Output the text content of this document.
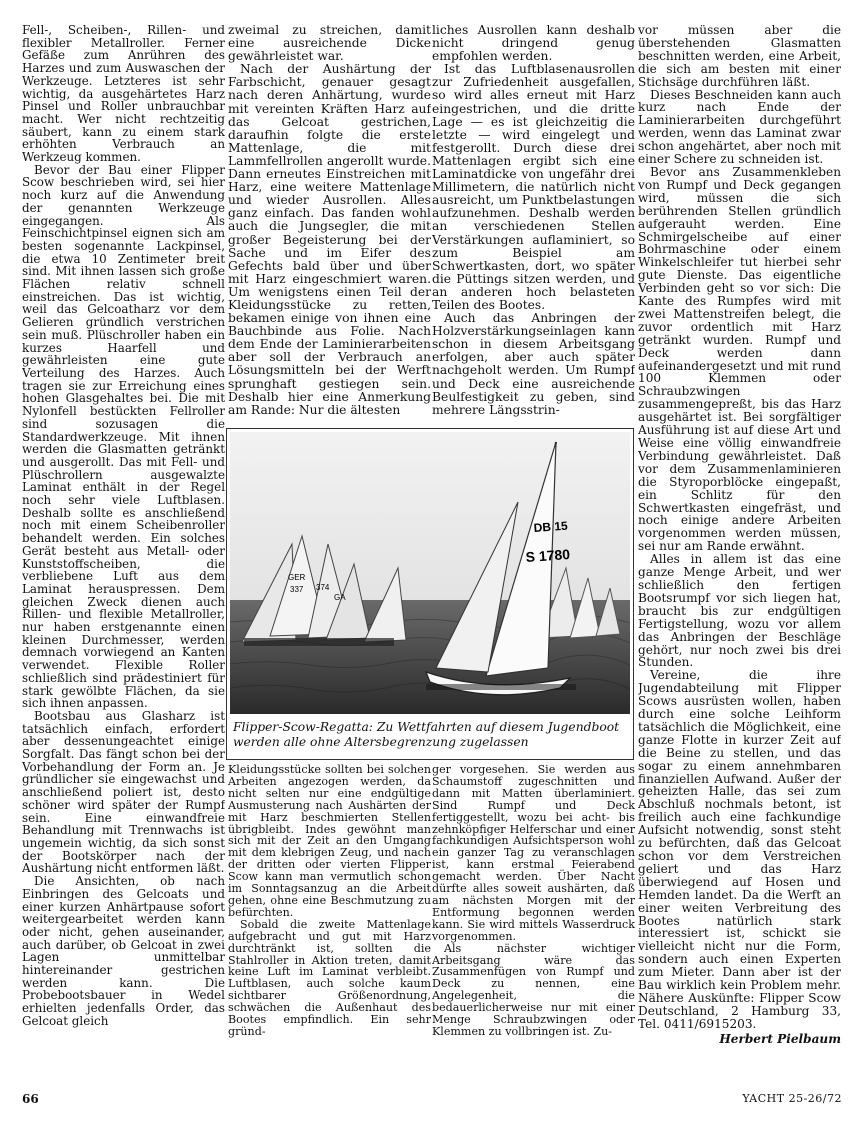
Fell-, Scheiben-, Rillen- und flexibler Metallroller. Ferner Gefäße zum Anrühren des Harzes und zum Auswaschen der Werkzeuge. Letzteres ist sehr wichtig, da ausgehärtetes Harz Pinsel und Roller unbrauchbar macht. Wer nicht rechtzeitig säubert, kann zu einem stark erhöhten Verbrauch an Werkzeug kommen.

Bevor der Bau einer Flipper Scow beschrieben wird, sei hier noch kurz auf die Anwendung der genannten Werkzeuge eingegangen. Als Feinschichtpinsel eignen sich am besten sogenannte Lackpinsel, die etwa 10 Zentimeter breit sind. Mit ihnen lassen sich große Flächen relativ schnell einstreichen. Das ist wichtig, weil das Gelcoatharz vor dem Gelieren gründlich verstrichen sein muß. Plüschroller haben ein kurzes Haarfell und gewährleisten eine gute Verteilung des Harzes. Auch tragen sie zur Erreichung eines hohen Glasgehaltes bei. Die mit Nylonfell bestückten Fellroller sind sozusagen die Standardwerkzeuge. Mit ihnen werden die Glasmatten getränkt und ausgerollt. Das mit Fell- und Plüschrollern ausgewalzte Laminat enthält in der Regel noch sehr viele Luftblasen. Deshalb sollte es anschließend noch mit einem Scheibenroller behandelt werden. Ein solches Gerät besteht aus Metall- oder Kunststoffscheiben, die verbliebene Luft aus dem Laminat herauspressen. Dem gleichen Zweck dienen auch Rillen- und flexible Metallroller, nur haben erstgenannte einen kleinen Durchmesser, werden demnach vorwiegend an Kanten verwendet. Flexible Roller schließlich sind prädestiniert für stark gewölbte Flächen, da sie sich ihnen anpassen.

Bootsbau aus Glasharz ist tatsächlich einfach, erfordert aber dessenungeachtet einige Sorgfalt. Das fängt schon bei der Vorbehandlung der Form an. Je gründlicher sie eingewachst und anschließend poliert ist, desto schöner wird später der Rumpf sein. Eine einwandfreie Behandlung mit Trennwachs ist ungemein wichtig, da sich sonst der Bootskörper nach der Aushärtung nicht entformen läßt.

Die Ansichten, ob nach Einbringen des Gelcoats und einer kurzen Anhärtpause sofort weitergearbeitet werden kann oder nicht, gehen auseinander, auch darüber, ob Gelcoat in zwei Lagen unmittelbar hintereinander gestrichen werden kann. Die Probebootsbauer in Wedel erhielten jedenfalls Order, das Gelcoat gleich

zweimal zu streichen, damit eine ausreichende Dicke gewährleistet war.

Nach der Aushärtung der Farbschicht, genauer gesagt nach deren Anhärtung, wurde mit vereinten Kräften Harz auf das Gelcoat gestrichen, daraufhin folgte die erste Mattenlage, die mit Lammfellrollen angerollt wurde. Dann erneutes Einstreichen mit Harz, eine weitere Mattenlage und wieder Ausrollen. Alles ganz einfach. Das fanden wohl auch die Jungsegler, die mit großer Begeisterung bei der Sache und im Eifer des Gefechts bald über und über mit Harz eingeschmiert waren. Um wenigstens einen Teil der Kleidungsstücke zu retten, bekamen einige von ihnen eine Bauchbinde aus Folie. Nach dem Ende der Laminierarbeiten aber soll der Verbrauch an Lösungsmitteln bei der Werft sprunghaft gestiegen sein. Deshalb hier eine Anmerkung am Rande: Nur die ältesten

liches Ausrollen kann deshalb nicht dringend genug empfohlen werden.

Ist das Luftblasenausrollen zur Zufriedenheit ausgefallen, so wird alles erneut mit Harz eingestrichen, und die dritte Lage — es ist gleichzeitig die letzte — wird eingelegt und festgerollt. Durch diese drei Mattenlagen ergibt sich eine Laminatdicke von ungefähr drei Millimetern, die natürlich nicht ausreicht, um Punktbelastungen aufzunehmen. Deshalb werden an verschiedenen Stellen Verstärkungen auflaminiert, so zum Beispiel am Schwertkasten, dort, wo später die Püttings sitzen werden, und an anderen hoch belasteten Teilen des Bootes.

Auch das Anbringen der Holzverstärkungseinlagen kann schon in diesem Arbeitsgang erfolgen, aber auch später nachgeholt werden. Um Rumpf und Deck eine ausreichende Beulfestigkeit zu geben, sind mehrere Längsstrin-

vor müssen aber die überstehenden Glasmatten beschnitten werden, eine Arbeit, die sich am besten mit einer Stichsäge durchführen läßt.

Dieses Beschneiden kann auch kurz nach Ende der Laminierarbeiten durchgeführt werden, wenn das Laminat zwar schon angehärtet, aber noch mit einer Schere zu schneiden ist.

Bevor ans Zusammenkleben von Rumpf und Deck gegangen wird, müssen die sich berührenden Stellen gründlich aufgerauht werden. Eine Schmirgelscheibe auf einer Bohrmaschine oder einem Winkelschleifer tut hierbei sehr gute Dienste. Das eigentliche Verbinden geht so vor sich: Die Kante des Rumpfes wird mit zwei Mattenstreifen belegt, die zuvor ordentlich mit Harz getränkt wurden. Rumpf und Deck werden dann aufeinandergesetzt und mit rund 100 Klemmen oder Schraubzwingen zusammengepreßt, bis das Harz ausgehärtet ist. Bei sorgfältiger Ausführung ist auf diese Art und Weise eine völlig einwandfreie Verbindung gewährleistet. Daß vor dem Zusammenlaminieren die Styroporblöcke eingepaßt, ein Schlitz für den Schwertkasten eingefräst, und noch einige andere Arbeiten vorgenommen werden müssen, sei nur am Rande erwähnt.

Alles in allem ist das eine ganze Menge Arbeit, und wer schließlich den fertigen Bootsrumpf vor sich liegen hat, braucht bis zur endgültigen Fertigstellung, wozu vor allem das Anbringen der Beschläge gehört, nur noch zwei bis drei Stunden.

Vereine, die ihre Jugendabteilung mit Flipper Scows ausrüsten wollen, haben durch eine solche Leihform tatsächlich die Möglichkeit, eine ganze Flotte in kurzer Zeit auf die Beine zu stellen, und das sogar zu einem annehmbaren finanziellen Aufwand. Außer der geheizten Halle, das sei zum Abschluß nochmals betont, ist freilich auch eine fachkundige Aufsicht notwendig, sonst steht zu befürchten, daß das Gelcoat schon vor dem Verstreichen geliert und das Harz überwiegend auf Hosen und Hemden landet. Da die Werft an einer weiten Verbreitung des Bootes natürlich stark interessiert ist, schickt sie vielleicht nicht nur die Form, sondern auch einen Experten zum Mieter. Dann aber ist der Bau wirklich kein Problem mehr. Nähere Auskünfte: Flipper Scow Deutschland, 2 Hamburg 33, Tel. 0411/6915203.

Herbert Pielbaum
GER
337 374
GA
S 1780
DB 15
Flipper-Scow-Regatta: Zu Wettfahrten auf diesem Jugendboot werden alle ohne Altersbegrenzung zugelassen

Kleidungsstücke sollten bei solchen Arbeiten angezogen werden, da nicht selten nur eine endgültige Ausmusterung nach Aushärten der mit Harz beschmierten Stellen übrigbleibt. Indes gewöhnt man sich mit der Zeit an den Umgang mit dem klebrigen Zeug, und nach der dritten oder vierten Flipper Scow kann man vermutlich schon im Sonntagsanzug an die Arbeit gehen, ohne eine Beschmutzung zu befürchten.

Sobald die zweite Mattenlage aufgebracht und gut mit Harz durchtränkt ist, sollten die Stahlroller in Aktion treten, damit keine Luft im Laminat verbleibt. Luftblasen, auch solche kaum sichtbarer Größenordnung, schwächen die Außenhaut des Bootes empfindlich. Ein sehr gründ-

ger vorgesehen. Sie werden aus Schaumstoff zugeschnitten und dann mit Matten überlaminiert. Sind Rumpf und Deck fertiggestellt, wozu bei acht- bis zehnköpfiger Helferschar und einer fachkundigen Aufsichtsperson wohl ein ganzer Tag zu veranschlagen ist, kann erstmal Feierabend gemacht werden. Über Nacht dürfte alles soweit aushärten, daß am nächsten Morgen mit der Entformung begonnen werden kann. Sie wird mittels Wasserdruck vorgenommen.

Als nächster wichtiger Arbeitsgang wäre das Zusammenfügen von Rumpf und Deck zu nennen, eine Angelegenheit, die bedauerlicherweise nur mit einer Menge Schraubzwingen oder Klemmen zu vollbringen ist. Zu-

66	YACHT 25-26/72
